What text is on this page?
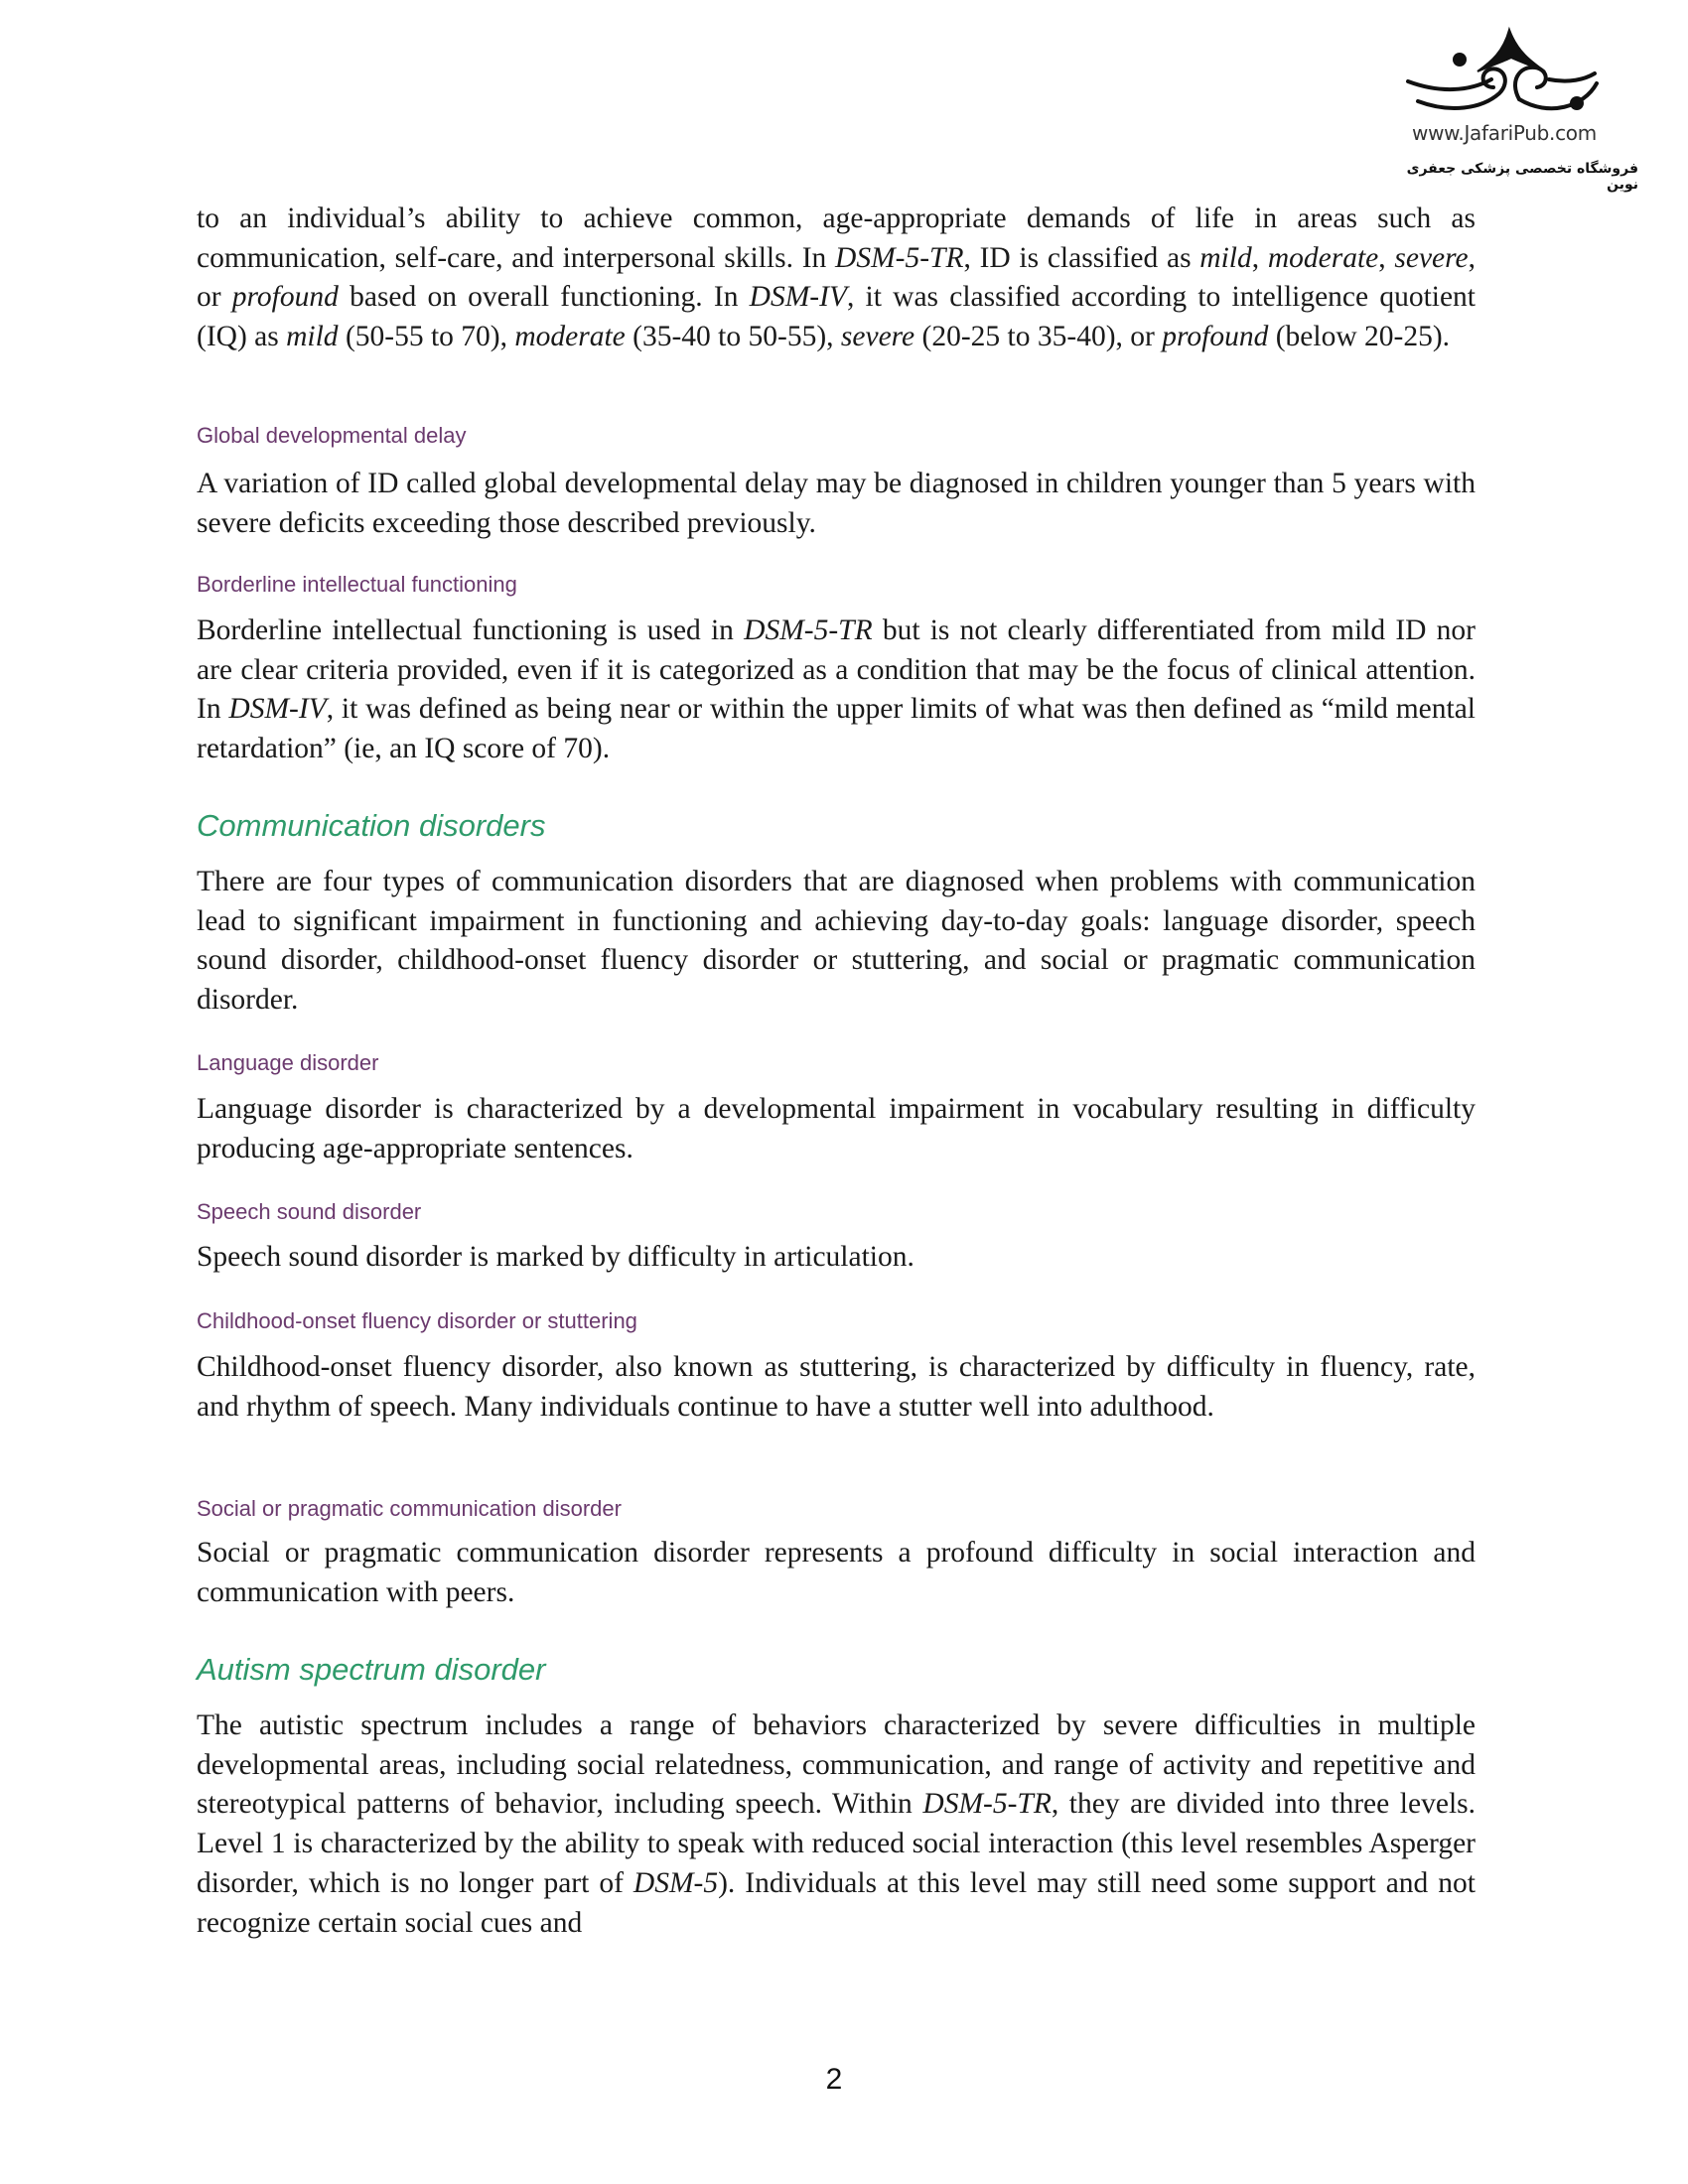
www.JafariPub.com
فروشگاه تخصصی پزشکی جعفری نوین

to an individual’s ability to achieve common, age-appropriate demands of life in areas such as communication, self-care, and interpersonal skills. In DSM-5-TR, ID is classified as mild, moderate, severe, or profound based on overall functioning. In DSM-IV, it was classified according to intelligence quotient (IQ) as mild (50-55 to 70), moderate (35-40 to 50-55), severe (20-25 to 35-40), or profound (below 20-25).

Global developmental delay

A variation of ID called global developmental delay may be diagnosed in children younger than 5 years with severe deficits exceeding those described previously.

Borderline intellectual functioning

Borderline intellectual functioning is used in DSM-5-TR but is not clearly differentiated from mild ID nor are clear criteria provided, even if it is categorized as a condition that may be the focus of clinical attention. In DSM-IV, it was defined as being near or within the upper limits of what was then defined as “mild mental retardation” (ie, an IQ score of 70).

Communication disorders

There are four types of communication disorders that are diagnosed when problems with communication lead to significant impairment in functioning and achieving day-to-day goals: language disorder, speech sound disorder, childhood-onset fluency disorder or stuttering, and social or pragmatic communication disorder.

Language disorder

Language disorder is characterized by a developmental impairment in vocabulary resulting in difficulty producing age-appropriate sentences.

Speech sound disorder

Speech sound disorder is marked by difficulty in articulation.

Childhood-onset fluency disorder or stuttering

Childhood-onset fluency disorder, also known as stuttering, is characterized by difficulty in fluency, rate, and rhythm of speech. Many individuals continue to have a stutter well into adulthood.

Social or pragmatic communication disorder

Social or pragmatic communication disorder represents a profound difficulty in social interaction and communication with peers.

Autism spectrum disorder

The autistic spectrum includes a range of behaviors characterized by severe difficulties in multiple developmental areas, including social relatedness, communication, and range of activity and repetitive and stereotypical patterns of behavior, including speech. Within DSM-5-TR, they are divided into three levels. Level 1 is characterized by the ability to speak with reduced social interaction (this level resembles Asperger disorder, which is no longer part of DSM-5). Individuals at this level may still need some support and not recognize certain social cues and

2
